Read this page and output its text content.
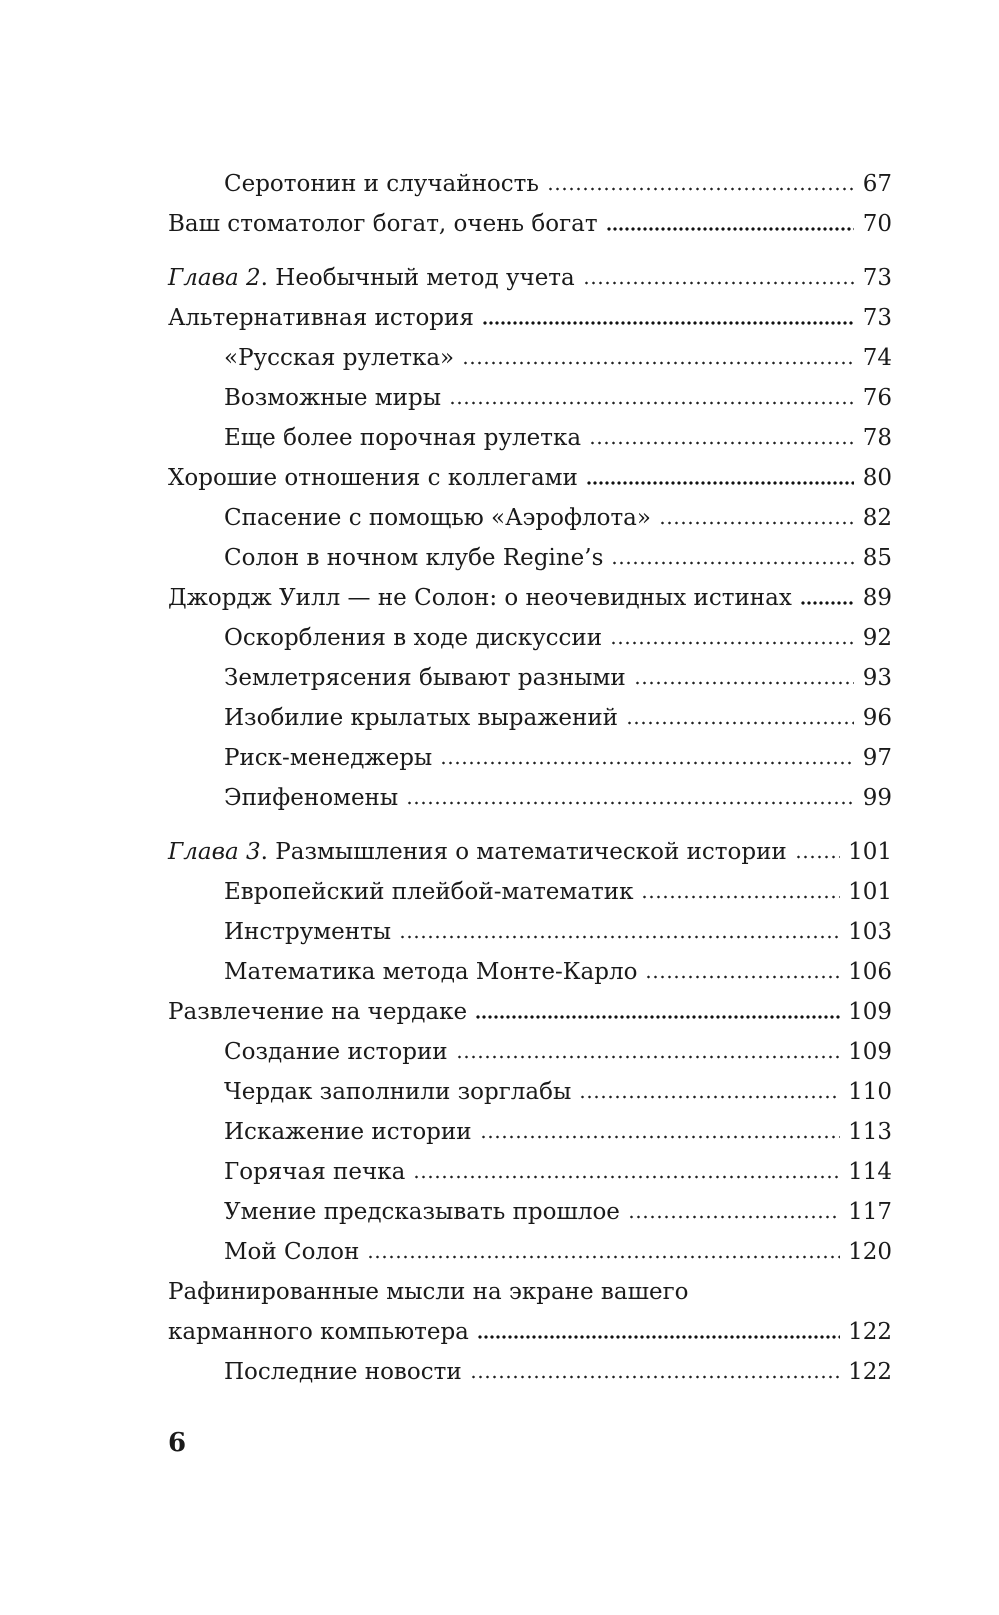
Серотонин и случайность	67
Ваш стоматолог богат, очень богат	70
Глава 2. Необычный метод учета	73
Альтернативная история	73
«Русская рулетка»	74
Возможные миры	76
Еще более порочная рулетка	78
Хорошие отношения с коллегами	80
Спасение с помощью «Аэрофлота»	82
Солон в ночном клубе Regine’s	85
Джордж Уилл — не Солон: о неочевидных истинах	89
Оскорбления в ходе дискуссии	92
Землетрясения бывают разными	93
Изобилие крылатых выражений	96
Риск-менеджеры	97
Эпифеномены	99
Глава 3. Размышления о математической истории	101
Европейский плейбой-математик	101
Инструменты	103
Математика метода Монте-Карло	106
Развлечение на чердаке	109
Создание истории	109
Чердак заполнили зорглабы	110
Искажение истории	113
Горячая печка	114
Умение предсказывать прошлое	117
Мой Солон	120
Рафинированные мысли на экране вашего
карманного компьютера	122
Последние новости	122
6
